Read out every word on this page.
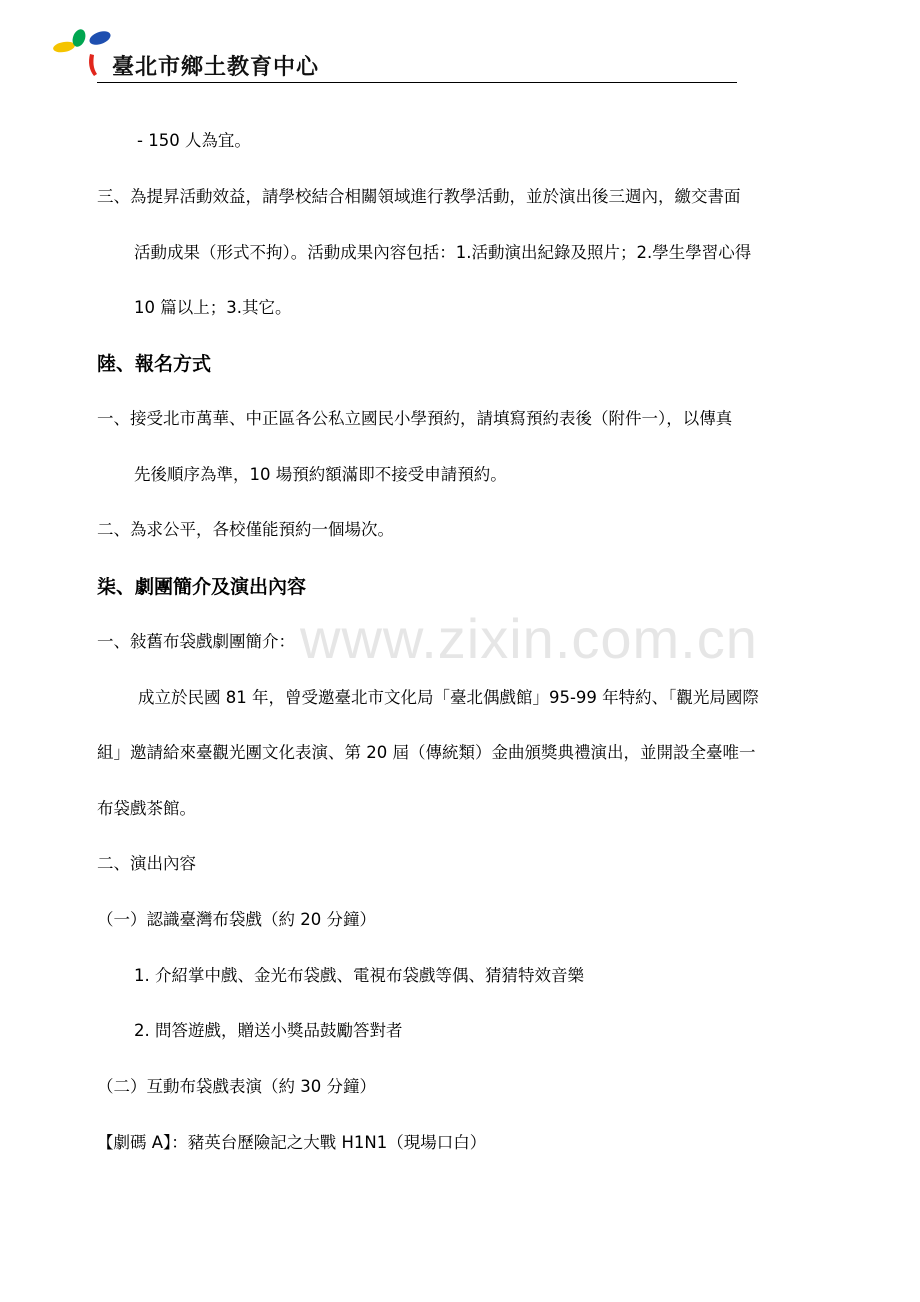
臺北市鄉土教育中心
www.zixin.com.cn
- 150 人為宜。
三、為提昇活動效益，請學校結合相關領域進行教學活動，並於演出後三週內，繳交書面
活動成果（形式不拘）。活動成果內容包括：1.活動演出紀錄及照片；2.學生學習心得
10 篇以上；3.其它。
陸、報名方式
一、接受北市萬華、中正區各公私立國民小學預約，請填寫預約表後（附件一），以傳真
先後順序為準，10 場預約額滿即不接受申請預約。
二、為求公平，各校僅能預約一個場次。
柒、劇團簡介及演出內容
一、敍舊布袋戲劇團簡介：
成立於民國 81 年，曾受邀臺北市文化局「臺北偶戲館」95-99 年特約、「觀光局國際
組」邀請給來臺觀光團文化表演、第 20 屆（傳統類）金曲頒獎典禮演出，並開設全臺唯一
布袋戲茶館。
二、演出內容
（一）認識臺灣布袋戲（約 20 分鐘）
1. 介紹掌中戲、金光布袋戲、電視布袋戲等偶、猜猜特效音樂
2. 問答遊戲，贈送小獎品鼓勵答對者
（二）互動布袋戲表演（約 30 分鐘）
【劇碼 A】：豬英台歷險記之大戰 H1N1（現場口白）
